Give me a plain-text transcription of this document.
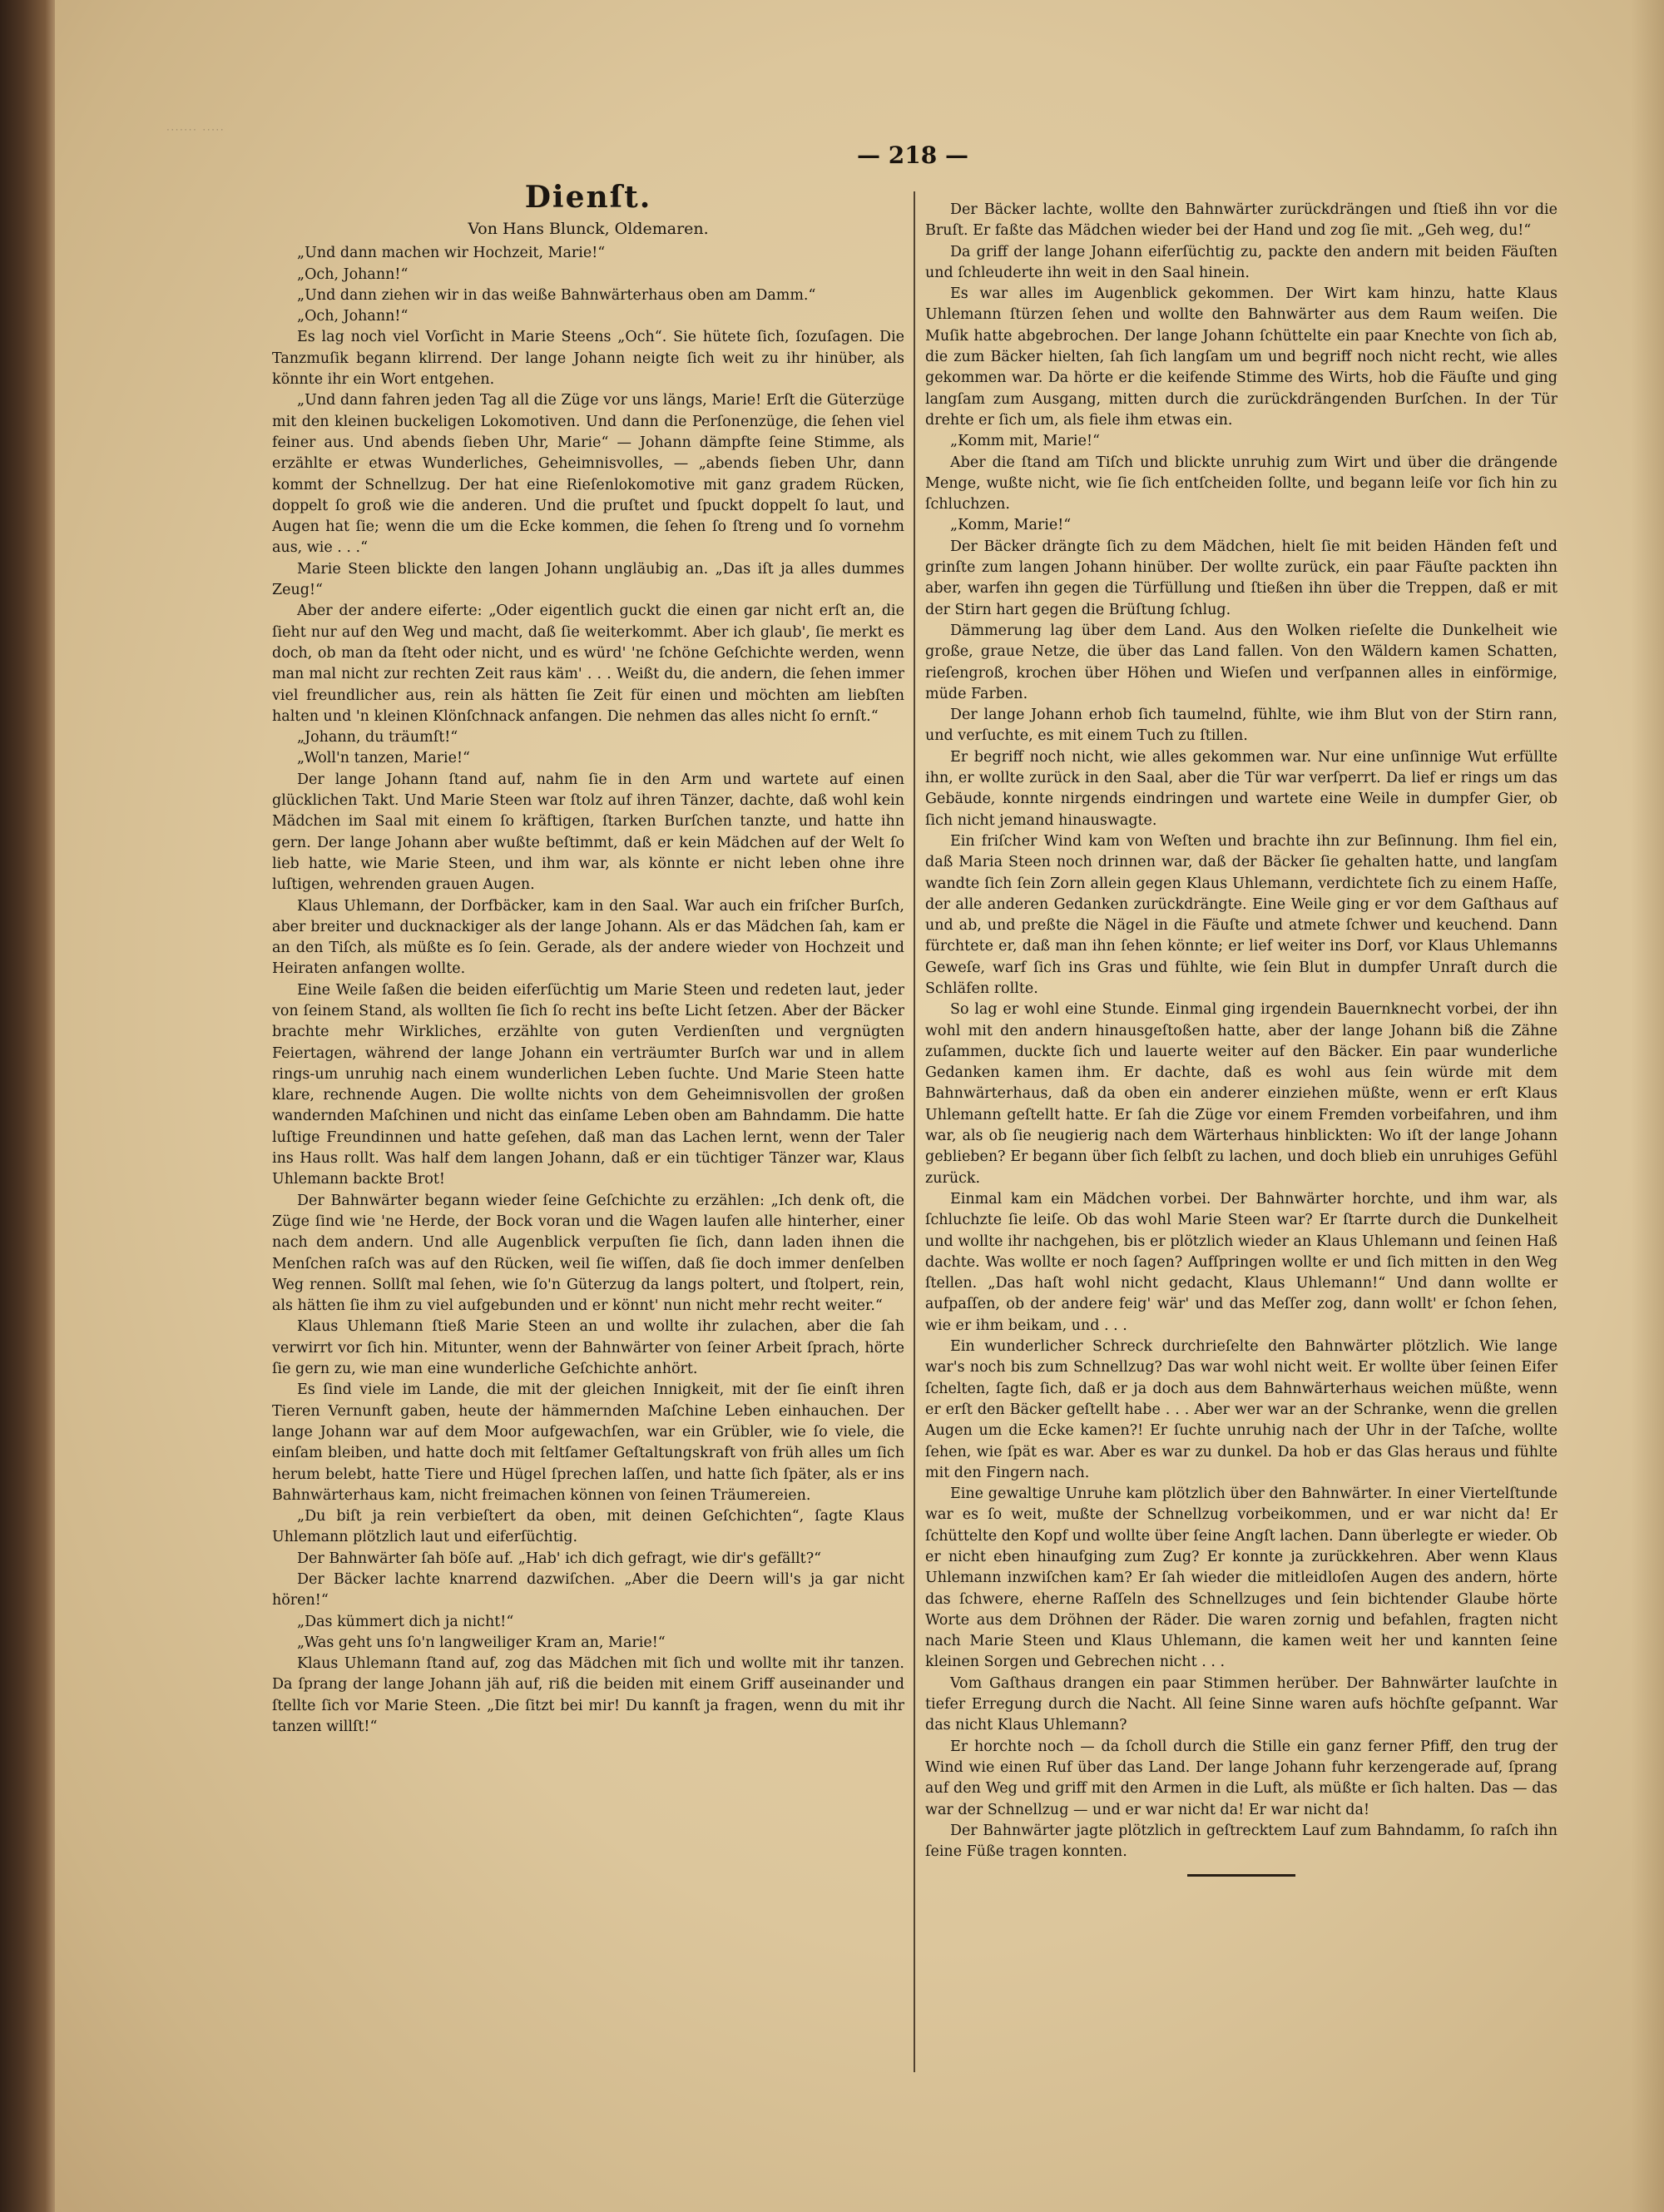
ᐧᐧᐧᐧᐧᐧᐧ ᐧᐧᐧᐧᐧ
— 218 —
Dienſt.
Von Hans Blunck, Oldemaren.

„Und dann machen wir Hochzeit, Marie!“

„Och, Johann!“

„Und dann ziehen wir in das weiße Bahnwärterhaus oben am Damm.“

„Och, Johann!“

Es lag noch viel Vorſicht in Marie Steens „Och“. Sie hütete ſich, ſozuſagen. Die Tanzmuſik begann klirrend. Der lange Johann neigte ſich weit zu ihr hinüber, als könnte ihr ein Wort entgehen.

„Und dann fahren jeden Tag all die Züge vor uns längs, Marie! Erſt die Güterzüge mit den kleinen buckeligen Lokomotiven. Und dann die Perſonenzüge, die ſehen viel feiner aus. Und abends ſieben Uhr, Marie“ — Johann dämpfte ſeine Stimme, als erzählte er etwas Wunderliches, Geheimnisvolles, — „abends ſieben Uhr, dann kommt der Schnellzug. Der hat eine Rieſenlokomotive mit ganz gradem Rücken, doppelt ſo groß wie die anderen. Und die pruſtet und ſpuckt doppelt ſo laut, und Augen hat ſie; wenn die um die Ecke kommen, die ſehen ſo ſtreng und ſo vornehm aus, wie . . .“

Marie Steen blickte den langen Johann ungläubig an. „Das iſt ja alles dummes Zeug!“

Aber der andere eiferte: „Oder eigentlich guckt die einen gar nicht erſt an, die ſieht nur auf den Weg und macht, daß ſie weiterkommt. Aber ich glaub', ſie merkt es doch, ob man da ſteht oder nicht, und es würd' 'ne ſchöne Geſchichte werden, wenn man mal nicht zur rechten Zeit raus käm' . . . Weißt du, die andern, die ſehen immer viel freundlicher aus, rein als hätten ſie Zeit für einen und möchten am liebſten halten und 'n kleinen Klönſchnack anfangen. Die nehmen das alles nicht ſo ernſt.“

„Johann, du träumſt!“

„Woll'n tanzen, Marie!“

Der lange Johann ſtand auf, nahm ſie in den Arm und wartete auf einen glücklichen Takt. Und Marie Steen war ſtolz auf ihren Tänzer, dachte, daß wohl kein Mädchen im Saal mit einem ſo kräftigen, ſtarken Burſchen tanzte, und hatte ihn gern. Der lange Johann aber wußte beſtimmt, daß er kein Mädchen auf der Welt ſo lieb hatte, wie Marie Steen, und ihm war, als könnte er nicht leben ohne ihre luſtigen, wehrenden grauen Augen.

Klaus Uhlemann, der Dorfbäcker, kam in den Saal. War auch ein friſcher Burſch, aber breiter und ducknackiger als der lange Johann. Als er das Mädchen ſah, kam er an den Tiſch, als müßte es ſo ſein. Gerade, als der andere wieder von Hochzeit und Heiraten anfangen wollte.

Eine Weile ſaßen die beiden eiferſüchtig um Marie Steen und redeten laut, jeder von ſeinem Stand, als wollten ſie ſich ſo recht ins beſte Licht ſetzen. Aber der Bäcker brachte mehr Wirkliches, erzählte von guten Verdienſten und vergnügten Feiertagen, während der lange Johann ein verträumter Burſch war und in allem rings-um unruhig nach einem wunderlichen Leben ſuchte. Und Marie Steen hatte klare, rechnende Augen. Die wollte nichts von dem Geheimnisvollen der großen wandernden Maſchinen und nicht das einſame Leben oben am Bahndamm. Die hatte luſtige Freundinnen und hatte geſehen, daß man das Lachen lernt, wenn der Taler ins Haus rollt. Was half dem langen Johann, daß er ein tüchtiger Tänzer war, Klaus Uhlemann backte Brot!

Der Bahnwärter begann wieder ſeine Geſchichte zu erzählen: „Ich denk oft, die Züge ſind wie 'ne Herde, der Bock voran und die Wagen laufen alle hinterher, einer nach dem andern. Und alle Augenblick verpuſten ſie ſich, dann laden ihnen die Menſchen raſch was auf den Rücken, weil ſie wiſſen, daß ſie doch immer denſelben Weg rennen. Sollſt mal ſehen, wie ſo'n Güterzug da langs poltert, und ſtolpert, rein, als hätten ſie ihm zu viel aufgebunden und er könnt' nun nicht mehr recht weiter.“

Klaus Uhlemann ſtieß Marie Steen an und wollte ihr zulachen, aber die ſah verwirrt vor ſich hin. Mitunter, wenn der Bahnwärter von ſeiner Arbeit ſprach, hörte ſie gern zu, wie man eine wunderliche Geſchichte anhört.

Es ſind viele im Lande, die mit der gleichen Innigkeit, mit der ſie einſt ihren Tieren Vernunft gaben, heute der hämmernden Maſchine Leben einhauchen. Der lange Johann war auf dem Moor aufgewachſen, war ein Grübler, wie ſo viele, die einſam bleiben, und hatte doch mit ſeltſamer Geſtaltungskraft von früh alles um ſich herum belebt, hatte Tiere und Hügel ſprechen laſſen, und hatte ſich ſpäter, als er ins Bahnwärterhaus kam, nicht freimachen können von ſeinen Träumereien.

„Du biſt ja rein verbieſtert da oben, mit deinen Geſchichten“, ſagte Klaus Uhlemann plötzlich laut und eiferſüchtig.

Der Bahnwärter ſah böſe auf. „Hab' ich dich gefragt, wie dir's gefällt?“

Der Bäcker lachte knarrend dazwiſchen. „Aber die Deern will's ja gar nicht hören!“

„Das kümmert dich ja nicht!“

„Was geht uns ſo'n langweiliger Kram an, Marie!“

Klaus Uhlemann ſtand auf, zog das Mädchen mit ſich und wollte mit ihr tanzen. Da ſprang der lange Johann jäh auf, riß die beiden mit einem Griff auseinander und ſtellte ſich vor Marie Steen. „Die ſitzt bei mir! Du kannſt ja fragen, wenn du mit ihr tanzen willſt!“

Der Bäcker lachte, wollte den Bahnwärter zurückdrängen und ſtieß ihn vor die Bruſt. Er faßte das Mädchen wieder bei der Hand und zog ſie mit. „Geh weg, du!“

Da griff der lange Johann eiferſüchtig zu, packte den andern mit beiden Fäuſten und ſchleuderte ihn weit in den Saal hinein.

Es war alles im Augenblick gekommen. Der Wirt kam hinzu, hatte Klaus Uhlemann ſtürzen ſehen und wollte den Bahnwärter aus dem Raum weiſen. Die Muſik hatte abgebrochen. Der lange Johann ſchüttelte ein paar Knechte von ſich ab, die zum Bäcker hielten, ſah ſich langſam um und begriff noch nicht recht, wie alles gekommen war. Da hörte er die keifende Stimme des Wirts, hob die Fäuſte und ging langſam zum Ausgang, mitten durch die zurückdrängenden Burſchen. In der Tür drehte er ſich um, als fiele ihm etwas ein.

„Komm mit, Marie!“

Aber die ſtand am Tiſch und blickte unruhig zum Wirt und über die drängende Menge, wußte nicht, wie ſie ſich entſcheiden ſollte, und begann leiſe vor ſich hin zu ſchluchzen.

„Komm, Marie!“

Der Bäcker drängte ſich zu dem Mädchen, hielt ſie mit beiden Händen feſt und grinſte zum langen Johann hinüber. Der wollte zurück, ein paar Fäuſte packten ihn aber, warfen ihn gegen die Türfüllung und ſtießen ihn über die Treppen, daß er mit der Stirn hart gegen die Brüſtung ſchlug.

Dämmerung lag über dem Land. Aus den Wolken rieſelte die Dunkelheit wie große, graue Netze, die über das Land fallen. Von den Wäldern kamen Schatten, rieſengroß, krochen über Höhen und Wieſen und verſpannen alles in einförmige, müde Farben.

Der lange Johann erhob ſich taumelnd, fühlte, wie ihm Blut von der Stirn rann, und verſuchte, es mit einem Tuch zu ſtillen.

Er begriff noch nicht, wie alles gekommen war. Nur eine unſinnige Wut erfüllte ihn, er wollte zurück in den Saal, aber die Tür war verſperrt. Da lief er rings um das Gebäude, konnte nirgends eindringen und wartete eine Weile in dumpfer Gier, ob ſich nicht jemand hinauswagte.

Ein friſcher Wind kam von Weſten und brachte ihn zur Beſinnung. Ihm fiel ein, daß Maria Steen noch drinnen war, daß der Bäcker ſie gehalten hatte, und langſam wandte ſich ſein Zorn allein gegen Klaus Uhlemann, verdichtete ſich zu einem Haſſe, der alle anderen Gedanken zurückdrängte. Eine Weile ging er vor dem Gaſthaus auf und ab, und preßte die Nägel in die Fäuſte und atmete ſchwer und keuchend. Dann fürchtete er, daß man ihn ſehen könnte; er lief weiter ins Dorf, vor Klaus Uhlemanns Geweſe, warf ſich ins Gras und fühlte, wie ſein Blut in dumpfer Unraſt durch die Schläfen rollte.

So lag er wohl eine Stunde. Einmal ging irgendein Bauernknecht vorbei, der ihn wohl mit den andern hinausgeſtoßen hatte, aber der lange Johann biß die Zähne zuſammen, duckte ſich und lauerte weiter auf den Bäcker. Ein paar wunderliche Gedanken kamen ihm. Er dachte, daß es wohl aus ſein würde mit dem Bahnwärterhaus, daß da oben ein anderer einziehen müßte, wenn er erſt Klaus Uhlemann geſtellt hatte. Er ſah die Züge vor einem Fremden vorbeifahren, und ihm war, als ob ſie neugierig nach dem Wärterhaus hinblickten: Wo iſt der lange Johann geblieben? Er begann über ſich ſelbſt zu lachen, und doch blieb ein unruhiges Gefühl zurück.

Einmal kam ein Mädchen vorbei. Der Bahnwärter horchte, und ihm war, als ſchluchzte ſie leiſe. Ob das wohl Marie Steen war? Er ſtarrte durch die Dunkelheit und wollte ihr nachgehen, bis er plötzlich wieder an Klaus Uhlemann und ſeinen Haß dachte. Was wollte er noch ſagen? Aufſpringen wollte er und ſich mitten in den Weg ſtellen. „Das haſt wohl nicht gedacht, Klaus Uhlemann!“ Und dann wollte er aufpaſſen, ob der andere feig' wär' und das Meſſer zog, dann wollt' er ſchon ſehen, wie er ihm beikam, und . . .

Ein wunderlicher Schreck durchrieſelte den Bahnwärter plötzlich. Wie lange war's noch bis zum Schnellzug? Das war wohl nicht weit. Er wollte über ſeinen Eifer ſchelten, ſagte ſich, daß er ja doch aus dem Bahnwärterhaus weichen müßte, wenn er erſt den Bäcker geſtellt habe . . . Aber wer war an der Schranke, wenn die grellen Augen um die Ecke kamen?! Er ſuchte unruhig nach der Uhr in der Taſche, wollte ſehen, wie ſpät es war. Aber es war zu dunkel. Da hob er das Glas heraus und fühlte mit den Fingern nach.

Eine gewaltige Unruhe kam plötzlich über den Bahnwärter. In einer Viertelſtunde war es ſo weit, mußte der Schnellzug vorbeikommen, und er war nicht da! Er ſchüttelte den Kopf und wollte über ſeine Angſt lachen. Dann überlegte er wieder. Ob er nicht eben hinaufging zum Zug? Er konnte ja zurückkehren. Aber wenn Klaus Uhlemann inzwiſchen kam? Er ſah wieder die mitleidloſen Augen des andern, hörte das ſchwere, eherne Raſſeln des Schnellzuges und ſein bichtender Glaube hörte Worte aus dem Dröhnen der Räder. Die waren zornig und befahlen, fragten nicht nach Marie Steen und Klaus Uhlemann, die kamen weit her und kannten ſeine kleinen Sorgen und Gebrechen nicht . . .

Vom Gaſthaus drangen ein paar Stimmen herüber. Der Bahnwärter lauſchte in tiefer Erregung durch die Nacht. All ſeine Sinne waren aufs höchſte geſpannt. War das nicht Klaus Uhlemann?

Er horchte noch — da ſcholl durch die Stille ein ganz ferner Pfiff, den trug der Wind wie einen Ruf über das Land. Der lange Johann fuhr kerzengerade auf, ſprang auf den Weg und griff mit den Armen in die Luft, als müßte er ſich halten. Das — das war der Schnellzug — und er war nicht da! Er war nicht da!

Der Bahnwärter jagte plötzlich in geſtrecktem Lauf zum Bahndamm, ſo raſch ihn ſeine Füße tragen konnten.
